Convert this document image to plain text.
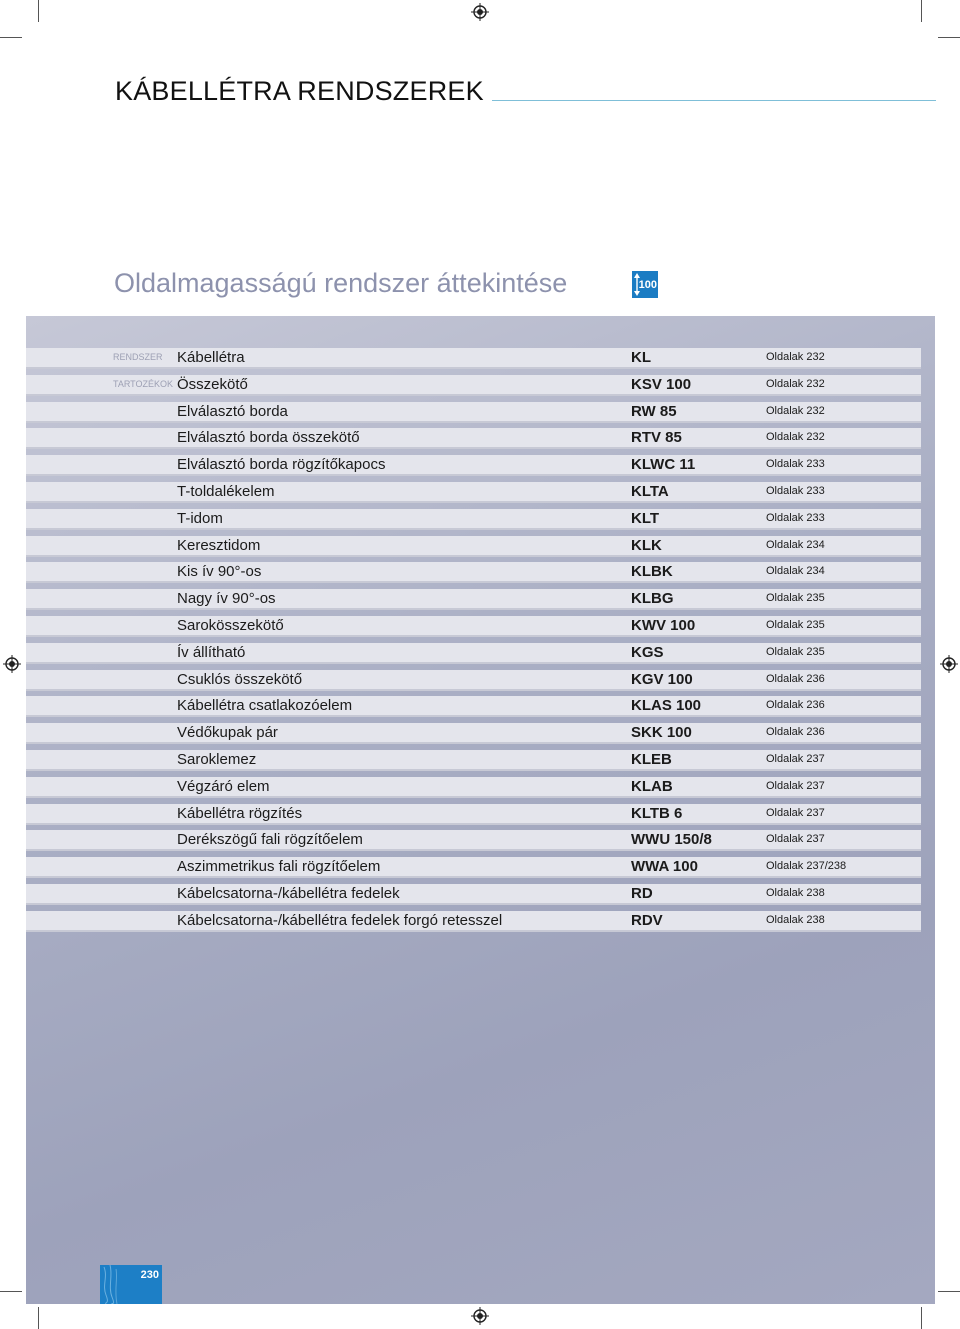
KÁBELLÉTRA RENDSZEREK
Oldalmagasságú rendszer áttekintése	100
RENDSZER Kábellétra	KL	Oldalak 232
TARTOZÉKOK Összekötő	KSV 100	Oldalak 232
Elválasztó borda	RW 85	Oldalak 232
Elválasztó borda összekötő	RTV 85	Oldalak 232
Elválasztó borda rögzítőkapocs	KLWC 11	Oldalak 233
T-toldalékelem	KLTA	Oldalak 233
T-idom	KLT	Oldalak 233
Keresztidom	KLK	Oldalak 234
Kis ív 90°-os	KLBK	Oldalak 234
Nagy ív 90°-os	KLBG	Oldalak 235
Sarokösszekötő	KWV 100	Oldalak 235
Ív állítható	KGS	Oldalak 235
Csuklós összekötő	KGV 100	Oldalak 236
Kábellétra csatlakozóelem	KLAS 100	Oldalak 236
Védőkupak pár	SKK 100	Oldalak 236
Saroklemez	KLEB	Oldalak 237
Végzáró elem	KLAB	Oldalak 237
Kábellétra rögzítés	KLTB 6	Oldalak 237
Derékszögű fali rögzítőelem	WWU 150/8	Oldalak 237
Aszimmetrikus fali rögzítőelem	WWA 100	Oldalak 237/238
Kábelcsatorna-/kábellétra fedelek	RD	Oldalak 238
Kábelcsatorna-/kábellétra fedelek forgó retesszel	RDV	Oldalak 238
230
